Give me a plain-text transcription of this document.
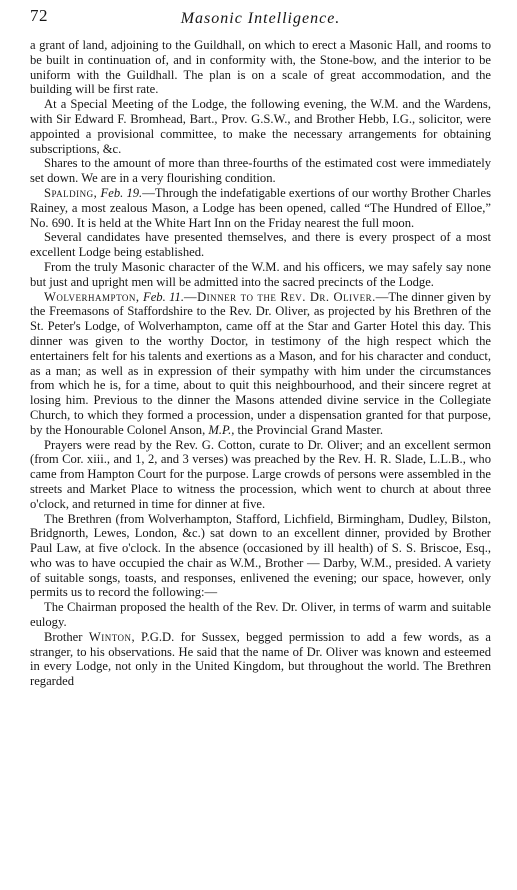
72	Masonic Intelligence.

a grant of land, adjoining to the Guildhall, on which to erect a Masonic Hall, and rooms to be built in continuation of, and in conformity with, the Stone-bow, and the interior to be uniform with the Guildhall. The plan is on a scale of great accommodation, and the building will be first rate.

At a Special Meeting of the Lodge, the following evening, the W.M. and the Wardens, with Sir Edward F. Bromhead, Bart., Prov. G.S.W., and Brother Hebb, I.G., solicitor, were appointed a provisional committee, to make the necessary arrangements for obtaining subscriptions, &c.

Shares to the amount of more than three-fourths of the estimated cost were immediately set down. We are in a very flourishing condition.

Spalding, Feb. 19.—Through the indefatigable exertions of our worthy Brother Charles Rainey, a most zealous Mason, a Lodge has been opened, called “The Hundred of Elloe,” No. 690. It is held at the White Hart Inn on the Friday nearest the full moon.

Several candidates have presented themselves, and there is every prospect of a most excellent Lodge being established.

From the truly Masonic character of the W.M. and his officers, we may safely say none but just and upright men will be admitted into the sacred precincts of the Lodge.

Wolverhampton, Feb. 11.—Dinner to the Rev. Dr. Oliver.—The dinner given by the Freemasons of Staffordshire to the Rev. Dr. Oliver, as projected by his Brethren of the St. Peter's Lodge, of Wolverhampton, came off at the Star and Garter Hotel this day. This dinner was given to the worthy Doctor, in testimony of the high respect which the entertainers felt for his talents and exertions as a Mason, and for his character and conduct, as a man; as well as in expression of their sympathy with him under the circumstances from which he is, for a time, about to quit this neighbourhood, and their sincere regret at losing him. Previous to the dinner the Masons attended divine service in the Collegiate Church, to which they formed a procession, under a dispensation granted for that purpose, by the Honourable Colonel Anson, M.P., the Provincial Grand Master.

Prayers were read by the Rev. G. Cotton, curate to Dr. Oliver; and an excellent sermon (from Cor. xiii., and 1, 2, and 3 verses) was preached by the Rev. H. R. Slade, L.L.B., who came from Hampton Court for the purpose. Large crowds of persons were assembled in the streets and Market Place to witness the procession, which went to church at about three o'clock, and returned in time for dinner at five.

The Brethren (from Wolverhampton, Stafford, Lichfield, Birmingham, Dudley, Bilston, Bridgnorth, Lewes, London, &c.) sat down to an excellent dinner, provided by Brother Paul Law, at five o'clock. In the absence (occasioned by ill health) of S. S. Briscoe, Esq., who was to have occupied the chair as W.M., Brother — Darby, W.M., presided. A variety of suitable songs, toasts, and responses, enlivened the evening; our space, however, only permits us to record the following:—

The Chairman proposed the health of the Rev. Dr. Oliver, in terms of warm and suitable eulogy.

Brother Winton, P.G.D. for Sussex, begged permission to add a few words, as a stranger, to his observations. He said that the name of Dr. Oliver was known and esteemed in every Lodge, not only in the United Kingdom, but throughout the world. The Brethren regarded
